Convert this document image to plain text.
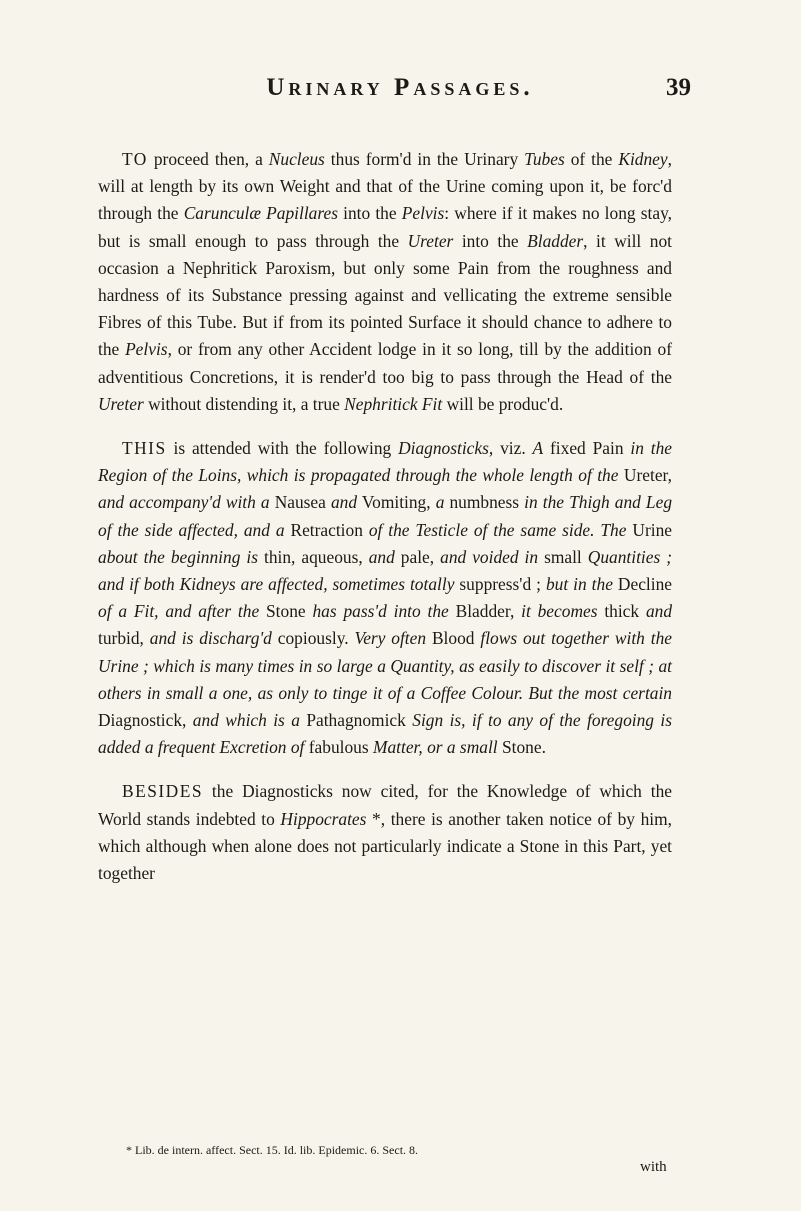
Urinary Passages.	39

TO proceed then, a Nucleus thus form'd in the Urinary Tubes of the Kidney, will at length by its own Weight and that of the Urine coming upon it, be forc'd through the Carunculæ Papillares into the Pelvis: where if it makes no long stay, but is small enough to pass through the Ureter into the Bladder, it will not occasion a Nephritick Paroxism, but only some Pain from the roughness and hardness of its Substance pressing against and vellicating the extreme sensible Fibres of this Tube. But if from its pointed Surface it should chance to adhere to the Pelvis, or from any other Accident lodge in it so long, till by the addition of adventitious Concretions, it is render'd too big to pass through the Head of the Ureter without distending it, a true Nephritick Fit will be produc'd.

THIS is attended with the following Diagnosticks, viz. A fixed Pain in the Region of the Loins, which is propagated through the whole length of the Ureter, and accompany'd with a Nausea and Vomiting, a numbness in the Thigh and Leg of the side affected, and a Retraction of the Testicle of the same side. The Urine about the beginning is thin, aqueous, and pale, and voided in small Quantities ; and if both Kidneys are affected, sometimes totally suppress'd ; but in the Decline of a Fit, and after the Stone has pass'd into the Bladder, it becomes thick and turbid, and is discharg'd copiously. Very often Blood flows out together with the Urine ; which is many times in so large a Quantity, as easily to discover it self ; at others in small a one, as only to tinge it of a Coffee Colour. But the most certain Diagnostick, and which is a Pathagnomick Sign is, if to any of the foregoing is added a frequent Excretion of fabulous Matter, or a small Stone.

BESIDES the Diagnosticks now cited, for the Knowledge of which the World stands indebted to Hippocrates *, there is another taken notice of by him, which although when alone does not particularly indicate a Stone in this Part, yet together

* Lib. de intern. affect. Sect. 15. Id. lib. Epidemic. 6. Sect. 8.
with
